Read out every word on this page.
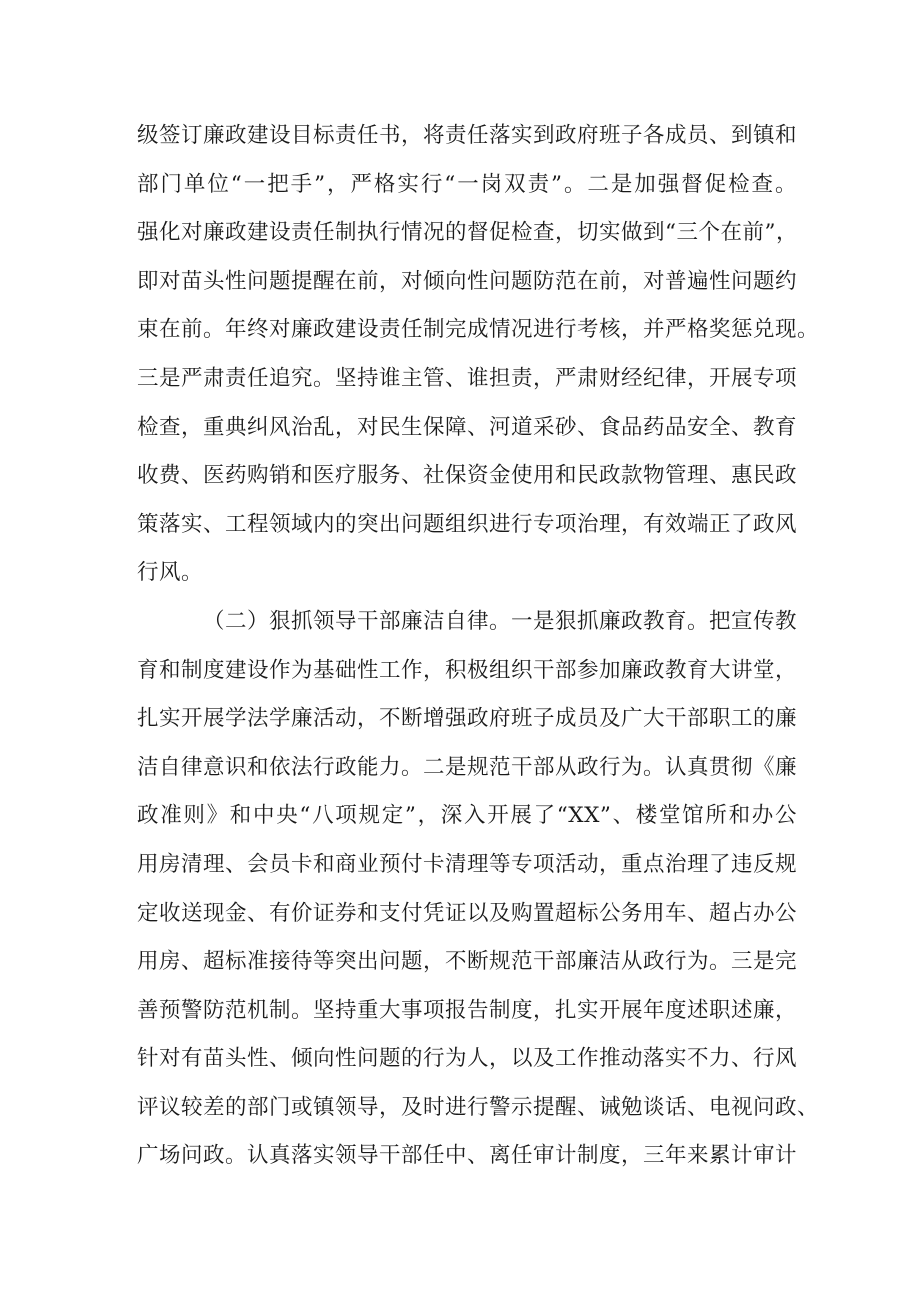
级签订廉政建设目标责任书，将责任落实到政府班子各成员、到镇和
部门单位“一把手”，严格实行“一岗双责”。二是加强督促检查。
强化对廉政建设责任制执行情况的督促检查，切实做到“三个在前”，
即对苗头性问题提醒在前，对倾向性问题防范在前，对普遍性问题约
束在前。年终对廉政建设责任制完成情况进行考核，并严格奖惩兑现。
三是严肃责任追究。坚持谁主管、谁担责，严肃财经纪律，开展专项
检查，重典纠风治乱，对民生保障、河道采砂、食品药品安全、教育
收费、医药购销和医疗服务、社保资金使用和民政款物管理、惠民政
策落实、工程领域内的突出问题组织进行专项治理，有效端正了政风
行风。
（二）狠抓领导干部廉洁自律。一是狠抓廉政教育。把宣传教
育和制度建设作为基础性工作，积极组织干部参加廉政教育大讲堂，
扎实开展学法学廉活动，不断增强政府班子成员及广大干部职工的廉
洁自律意识和依法行政能力。二是规范干部从政行为。认真贯彻《廉
政准则》和中央“八项规定”，深入开展了“XX”、楼堂馆所和办公
用房清理、会员卡和商业预付卡清理等专项活动，重点治理了违反规
定收送现金、有价证券和支付凭证以及购置超标公务用车、超占办公
用房、超标准接待等突出问题，不断规范干部廉洁从政行为。三是完
善预警防范机制。坚持重大事项报告制度，扎实开展年度述职述廉，
针对有苗头性、倾向性问题的行为人，以及工作推动落实不力、行风
评议较差的部门或镇领导，及时进行警示提醒、诫勉谈话、电视问政、
广场问政。认真落实领导干部任中、离任审计制度，三年来累计审计
